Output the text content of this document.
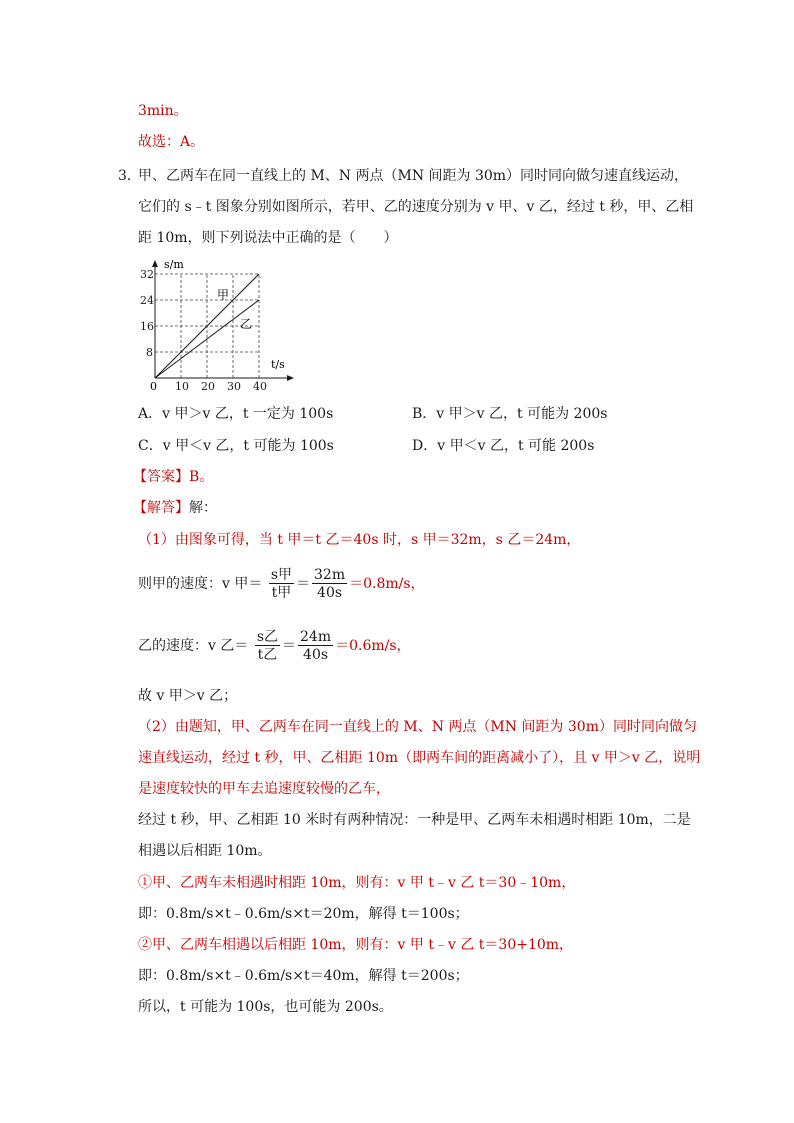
3min。
故选：A。
3．
甲、乙两车在同一直线上的 M、N 两点（MN 间距为 30m）同时同向做匀速直线运动，
它们的 s﹣t 图象分别如图所示，若甲、乙的速度分别为 v 甲、v 乙，经过 t 秒，甲、乙相
距 10m，则下列说法中正确的是（　　）
10 20 30 40
8
16
24
32
s/m
t/s
0
甲
乙
A．v 甲＞v 乙，t 一定为 100s	B．v 甲＞v 乙，t 可能为 200s
C．v 甲＜v 乙，t 可能为 100s	D．v 甲＜v 乙，t 可能 200s
【答案】B。
【解答】解：
（1）由图象可得，当 t 甲＝t 乙＝40s 时，s 甲＝32m，s 乙＝24m，
则甲的速度：v 甲＝ $\frac{\text{s甲}}{\text{t甲}} = \frac{32m}{40s} =0.8m/s$，
乙的速度：v 乙＝ $\frac{\text{s乙}}{\text{t乙}} = \frac{24m}{40s} =0.6m/s$，
故 v 甲＞v 乙；
（2）由题知，甲、乙两车在同一直线上的 M、N 两点（MN 间距为 30m）同时同向做匀
速直线运动，经过 t 秒，甲、乙相距 10m（即两车间的距离减小了），且 v 甲＞v 乙，说明
是速度较快的甲车去追速度较慢的乙车，
经过 t 秒，甲、乙相距 10 米时有两种情况：一种是甲、乙两车未相遇时相距 10m，二是
相遇以后相距 10m。
①甲、乙两车未相遇时相距 10m，则有：v 甲 t﹣v 乙 t＝30﹣10m，
即：0.8m/s×t﹣0.6m/s×t＝20m，解得 t＝100s；
②甲、乙两车相遇以后相距 10m，则有：v 甲 t﹣v 乙 t＝30+10m，
即：0.8m/s×t﹣0.6m/s×t＝40m，解得 t＝200s；
所以，t 可能为 100s，也可能为 200s。
